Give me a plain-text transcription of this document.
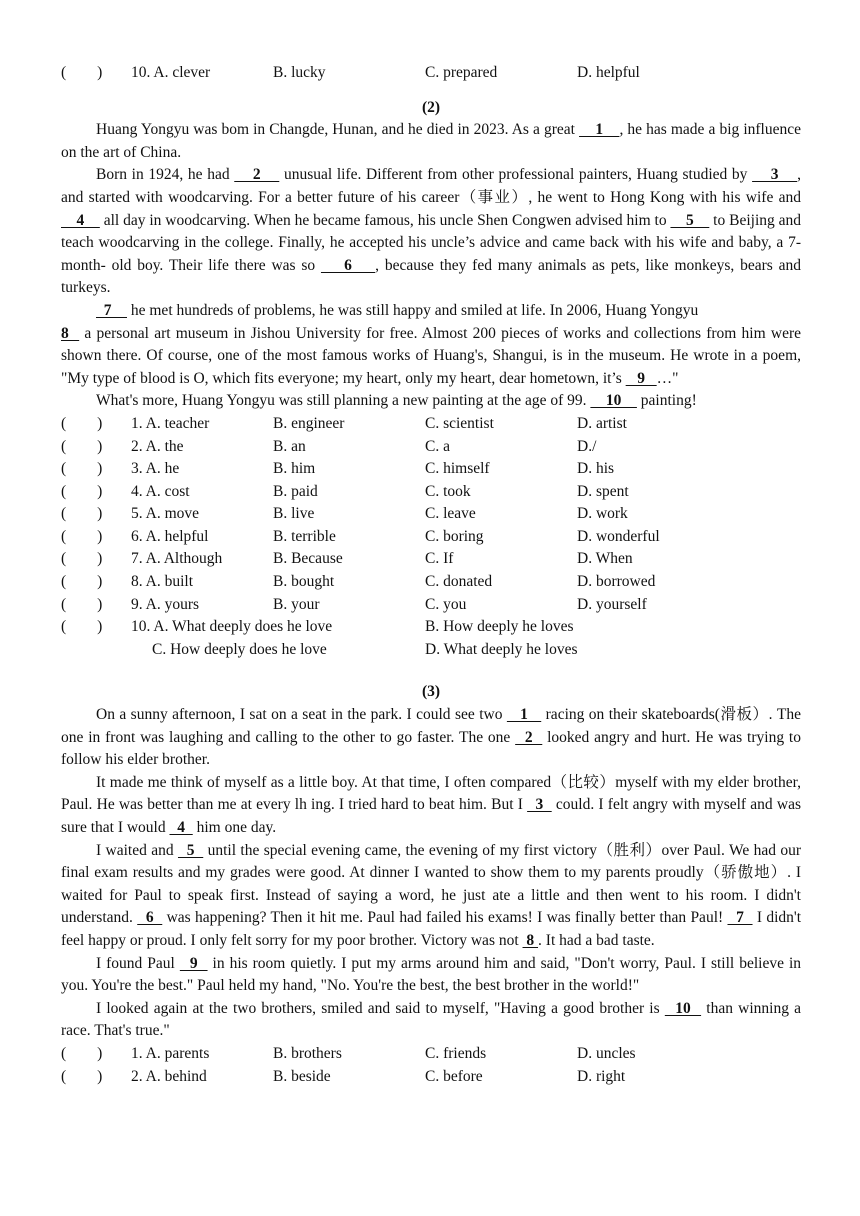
(　　) 10. A. clever	B. lucky	C. prepared	D. helpful
(2)

Huang Yongyu was bom in Changde, Hunan, and he died in 2023. As a great     1    , he has made a big influence on the art of China.

Born in 1924, he had     2     unusual life. Different from other professional painters, Huang studied by     3    , and started with woodcarving. For a better future of his career（事业）, he went to Hong Kong with his wife and     4     all day in woodcarving. When he became famous, his uncle Shen Congwen advised him to     5     to Beijing and teach woodcarving in the college. Finally, he accepted his uncle’s advice and came back with his wife and baby, a 7-month- old boy. Their life there was so     6    , because they fed many animals as pets, like monkeys, bears and turkeys.

7     he met hundreds of problems, he was still happy and smiled at life. In 2006, Huang Yongyu

8   a personal art museum in Jishou University for free. Almost 200 pieces of works and collections from him were shown there. Of course, one of the most famous works of Huang's, Shangui, is in the museum. He wrote in a poem, "My type of blood is O, which fits everyone; my heart, only my heart, dear hometown, it’s    9   …"

What's more, Huang Yongyu was still planning a new painting at the age of 99.     10     painting!

(　　) 1. A. teacher	B. engineer	C. scientist	D. artist
(　　) 2. A. the	B. an	C. a	D./
(　　) 3. A. he	B. him	C. himself	D. his
(　　) 4. A. cost	B. paid	C. took	D. spent
(　　) 5. A. move	B. live	C. leave	D. work
(　　) 6. A. helpful	B. terrible	C. boring	D. wonderful
(　　) 7. A. Although	B. Because	C. If	D. When
(　　) 8. A. built	B. bought	C. donated	D. borrowed
(　　) 9. A. yours	B. your	C. you	D. yourself
(　　) 10. A. What deeply does he love	B. How deeply he loves
C. How deeply does he love	D. What deeply he loves
(3)

On a sunny afternoon, I sat on a seat in the park. I could see two    1    racing on their skateboards(滑板）. The one in front was laughing and calling to the other to go faster. The one   2   looked angry and hurt. He was trying to follow his elder brother.

It made me think of myself as a little boy. At that time, I often compared（比较）myself with my elder brother, Paul. He was better than me at every lh ing. I tried hard to beat him. But I   3   could. I felt angry with myself and was sure that I would   4   him one day.

I waited and   5   until the special evening came, the evening of my first victory（胜利）over Paul. We had our final exam results and my grades were good. At dinner I wanted to show them to my parents proudly（骄傲地）. I waited for Paul to speak first. Instead of saying a word, he just ate a little and then went to his room. I didn't understand.   6   was happening? Then it hit me. Paul had failed his exams! I was finally better than Paul!   7   I didn't feel happy or proud. I only felt sorry for my poor brother. Victory was not  8 . It had a bad taste.

I found Paul   9   in his room quietly. I put my arms around him and said, "Don't worry, Paul. I still believe in you. You're the best." Paul held my hand, "No. You're the best, the best brother in the world!"

I looked again at the two brothers, smiled and said to myself, "Having a good brother is   10   than winning a race. That's true."

(　　) 1. A. parents	B. brothers	C. friends	D. uncles
(　　) 2. A. behind	B. beside	C. before	D. right
